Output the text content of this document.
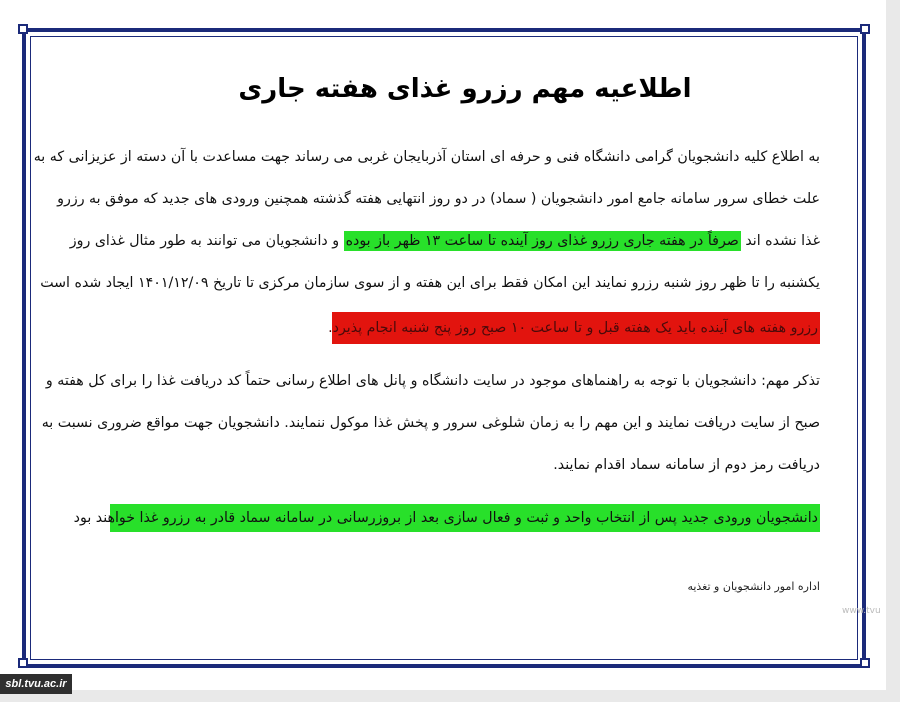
اطلاعیه مهم رزرو غذای هفته جاری
به اطلاع کلیه دانشجویان گرامی دانشگاه فنی و حرفه ای استان آذربایجان غربی می رساند جهت مساعدت با آن دسته از عزیزانی که به
علت خطای سرور سامانه جامع امور دانشجویان ( سماد) در دو روز انتهایی هفته گذشته همچنین ورودی های جدید که موفق به رزرو
غذا نشده اند صرفاً در هفته جاری رزرو غذای روز آینده تا ساعت ۱۳ ظهر باز بوده و دانشجویان می توانند به طور مثال غذای روز
یکشنبه را تا ظهر روز شنبه رزرو نمایند این امکان فقط برای این هفته و از سوی سازمان مرکزی تا تاریخ ۱۴۰۱/۱۲/۰۹ ایجاد شده است
رزرو هفته های آینده باید یک هفته قبل و تا ساعت ۱۰ صبح روز پنج شنبه انجام پذیرد.
تذکر مهم: دانشجویان با توجه به راهنماهای موجود در سایت دانشگاه و پانل های اطلاع رسانی حتماً کد دریافت غذا را برای کل هفته و
صبح از سایت دریافت نمایند و این مهم را به زمان شلوغی سرور و پخش غذا موکول ننمایند. دانشجویان جهت مواقع ضروری نسبت به
دریافت رمز دوم از سامانه سماد اقدام نمایند.
دانشجویان ورودی جدید پس از انتخاب واحد و ثبت و فعال سازی بعد از بروزرسانی در سامانه سماد قادر به رزرو غذا خواهند بود
اداره امور دانشجویان و تغذیه
www.tvu
sbl.tvu.ac.ir
